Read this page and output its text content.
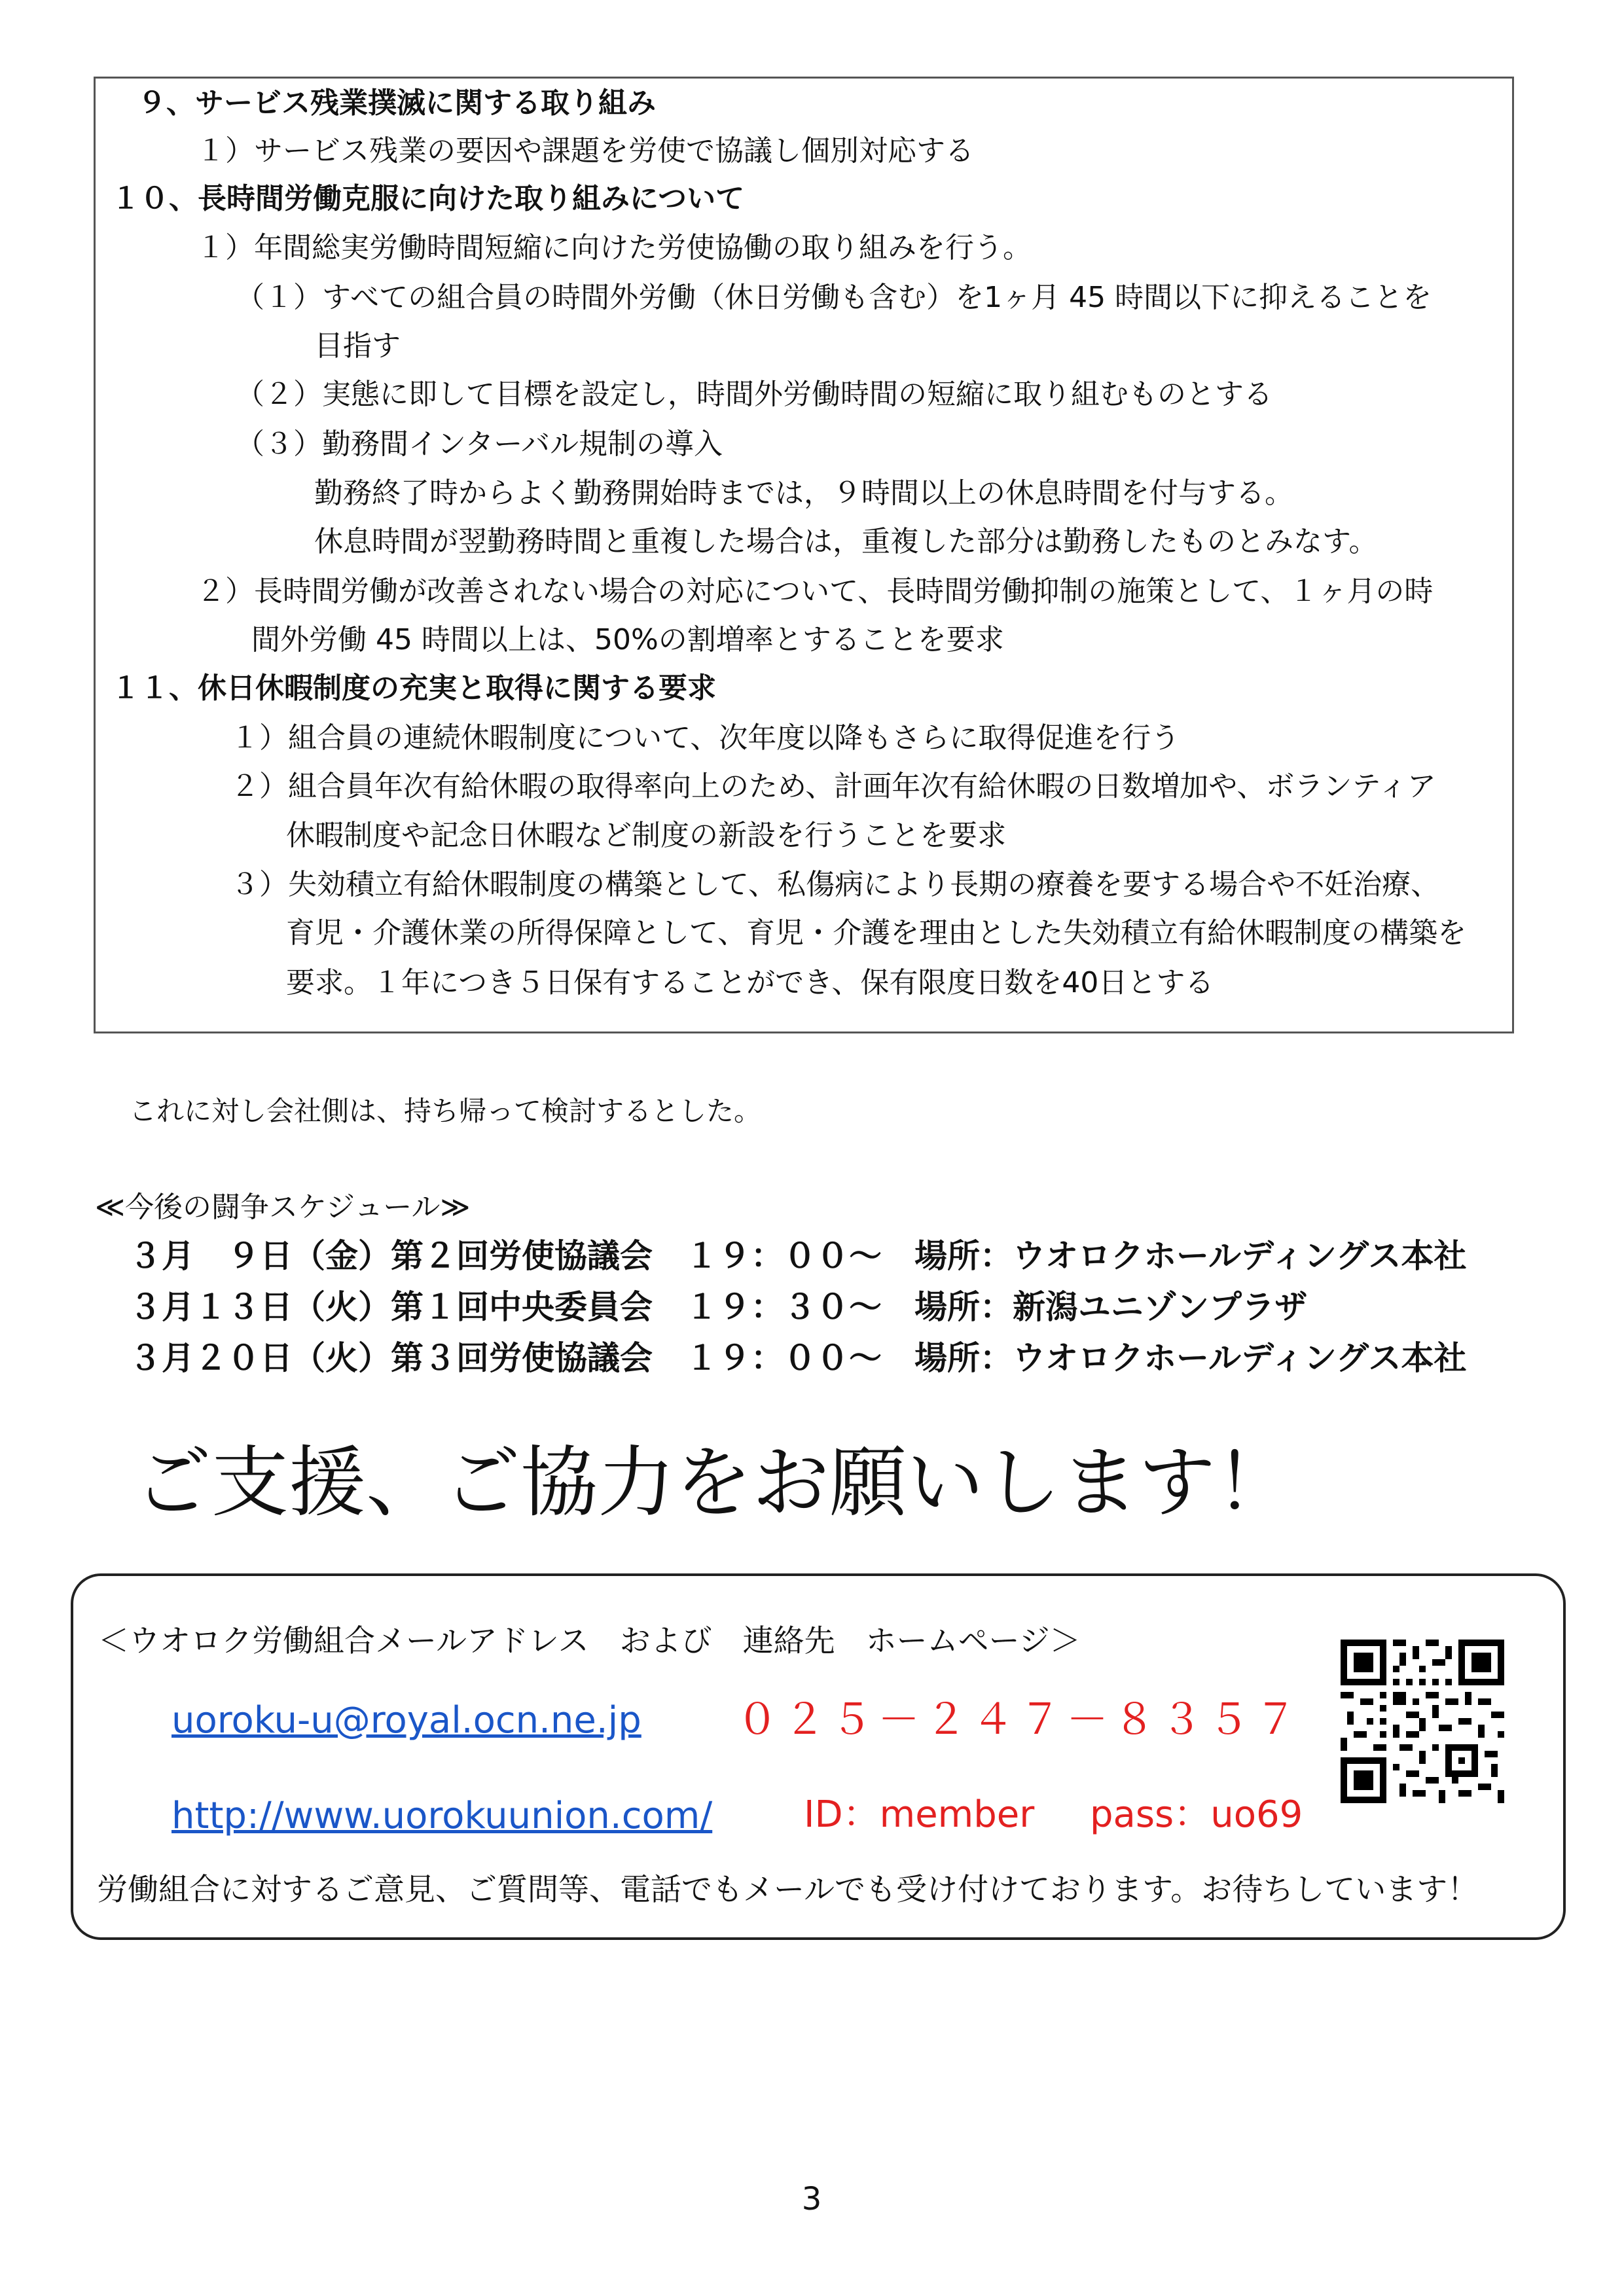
９、サービス残業撲滅に関する取り組み
１）サービス残業の要因や課題を労使で協議し個別対応する
１０、長時間労働克服に向けた取り組みについて
１）年間総実労働時間短縮に向けた労使協働の取り組みを行う。
（１）すべての組合員の時間外労働（休日労働も含む）を1ヶ月 45 時間以下に抑えることを
目指す
（２）実態に即して目標を設定し，時間外労働時間の短縮に取り組むものとする
（３）勤務間インターバル規制の導入
勤務終了時からよく勤務開始時までは，９時間以上の休息時間を付与する。
休息時間が翌勤務時間と重複した場合は，重複した部分は勤務したものとみなす。
２）長時間労働が改善されない場合の対応について、長時間労働抑制の施策として、１ヶ月の時
間外労働 45 時間以上は、50%の割増率とすることを要求
１１、休日休暇制度の充実と取得に関する要求
１）組合員の連続休暇制度について、次年度以降もさらに取得促進を行う
２）組合員年次有給休暇の取得率向上のため、計画年次有給休暇の日数増加や、ボランティア
休暇制度や記念日休暇など制度の新設を行うことを要求
３）失効積立有給休暇制度の構築として、私傷病により長期の療養を要する場合や不妊治療、
育児・介護休業の所得保障として、育児・介護を理由とした失効積立有給休暇制度の構築を
要求。１年につき５日保有することができ、保有限度日数を40日とする
これに対し会社側は、持ち帰って検討するとした。
≪今後の闘争スケジュール≫
３月　９日（金）第２回労使協議会　１９：００～　場所：ウオロクホールディングス本社
３月１３日（火）第１回中央委員会　１９：３０～　場所：新潟ユニゾンプラザ
３月２０日（火）第３回労使協議会　１９：００～　場所：ウオロクホールディングス本社
ご支援、ご協力をお願いします！
＜ウオロク労働組合メールアドレス　および　連絡先　ホームページ＞
uoroku-u@royal.ocn.ne.jp ０２５－２４７－８３５７
http://www.uorokuunion.com/ ID：member pass：uo69
労働組合に対するご意見、ご質問等、電話でもメールでも受け付けております。お待ちしています！
3
